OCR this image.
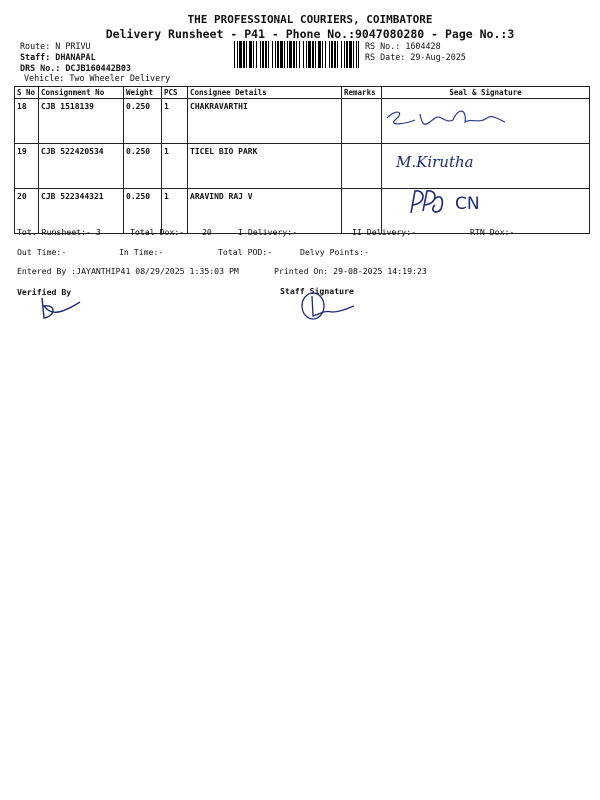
THE PROFESSIONAL COURIERS, COIMBATORE
Delivery Runsheet - P41 - Phone No.:9047080280 - Page No.:3
Route: N PRIVU
Staff: DHANAPAL
DRS No.: DCJB160442B03
Vehicle: Two Wheeler Delivery
RS No.: 1604428
RS Date: 29-Aug-2025
S No	Consignment No	Weight	PCS	Consignee Details	Remarks	Seal & Signature
18	CJB 1518139	0.250	1	CHAKRAVARTHI		
19	CJB 522420534	0.250	1	TICEL BIO PARK		
20	CJB 522344321	0.250	1	ARAVIND RAJ V		
M.Kirutha
CN
Tot. Runsheet:- 3	Total Dox:- 20	I Delivery:-	II Delivery:-	RTN Dox:-
Out Time:-	In Time:-	Total POD:-	Delvy Points:-
Entered By :JAYANTHIP41 08/29/2025 1:35:03 PM	Printed On: 29-08-2025 14:19:23
Verified By	Staff Signature
